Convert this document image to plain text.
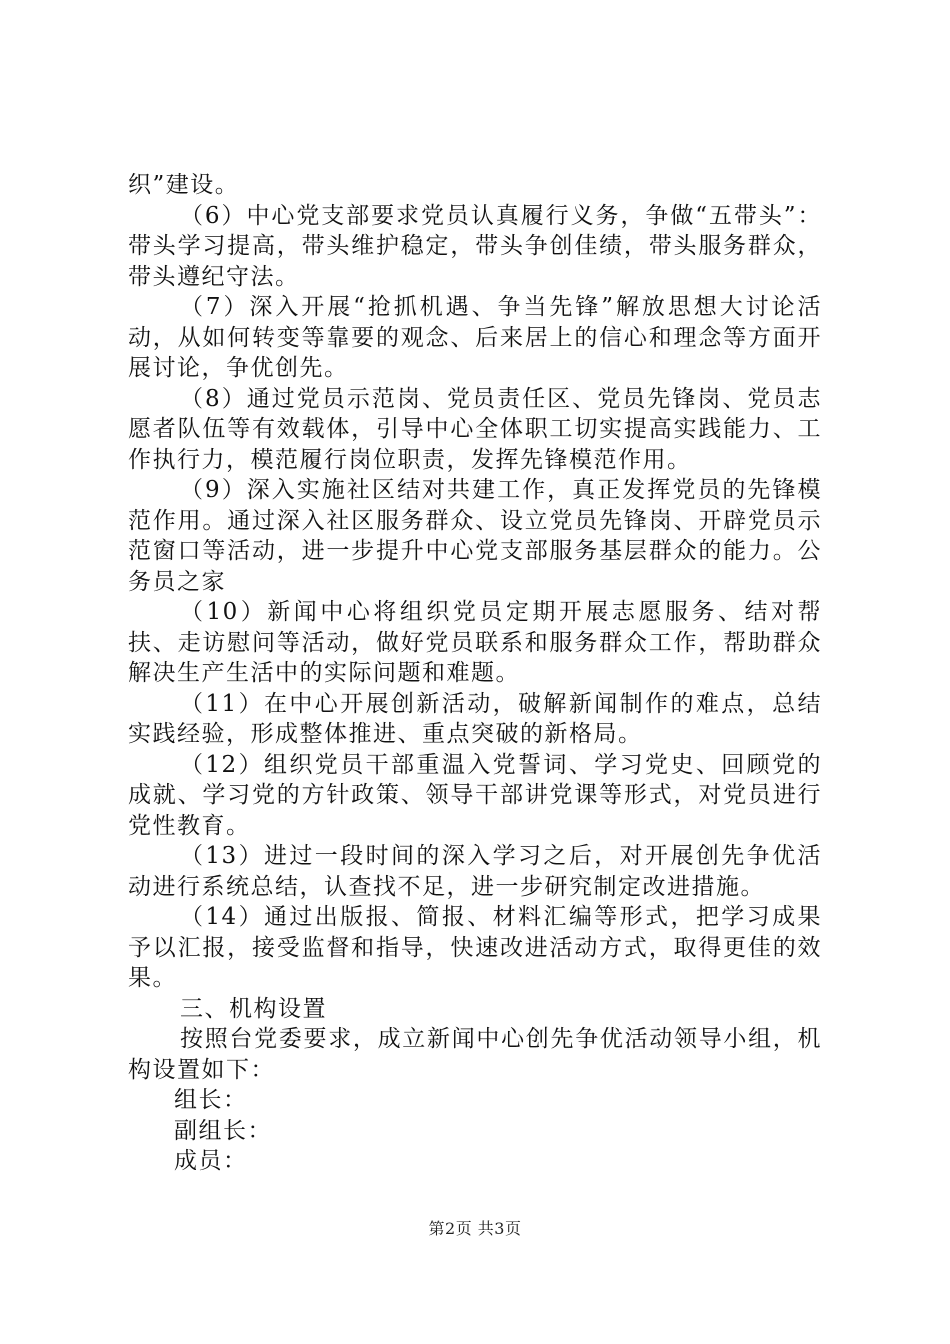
织”建设。

（6）中心党支部要求党员认真履行义务，争做“五带头”：带头学习提高，带头维护稳定，带头争创佳绩，带头服务群众，带头遵纪守法。

（7）深入开展“抢抓机遇、争当先锋”解放思想大讨论活动，从如何转变等靠要的观念、后来居上的信心和理念等方面开展讨论，争优创先。

（8）通过党员示范岗、党员责任区、党员先锋岗、党员志愿者队伍等有效载体，引导中心全体职工切实提高实践能力、工作执行力，模范履行岗位职责，发挥先锋模范作用。

（9）深入实施社区结对共建工作，真正发挥党员的先锋模范作用。通过深入社区服务群众、设立党员先锋岗、开辟党员示范窗口等活动，进一步提升中心党支部服务基层群众的能力。公务员之家

（10）新闻中心将组织党员定期开展志愿服务、结对帮扶、走访慰问等活动，做好党员联系和服务群众工作，帮助群众解决生产生活中的实际问题和难题。

（11）在中心开展创新活动，破解新闻制作的难点，总结实践经验，形成整体推进、重点突破的新格局。

（12）组织党员干部重温入党誓词、学习党史、回顾党的成就、学习党的方针政策、领导干部讲党课等形式，对党员进行党性教育。

（13）进过一段时间的深入学习之后，对开展创先争优活动进行系统总结，认查找不足，进一步研究制定改进措施。

（14）通过出版报、简报、材料汇编等形式，把学习成果予以汇报，接受监督和指导，快速改进活动方式，取得更佳的效果。

三、机构设置

按照台党委要求，成立新闻中心创先争优活动领导小组，机构设置如下：

组长：

副组长：

成员：

第2页 共3页
